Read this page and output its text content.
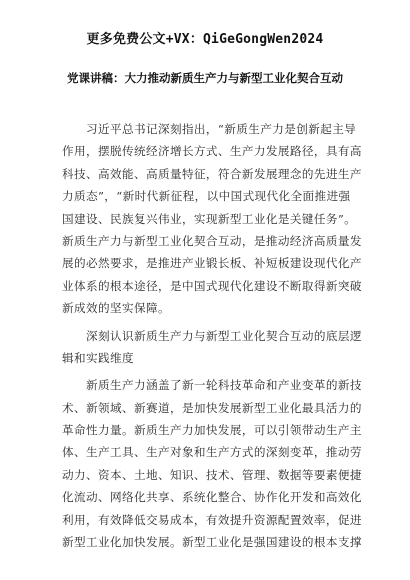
更多免费公文+VX：QiGeGongWen2024
党课讲稿：大力推动新质生产力与新型工业化契合互动
　　习近平总书记深刻指出，“新质生产力是创新起主导
作用，摆脱传统经济增长方式、生产力发展路径，具有高
科技、高效能、高质量特征，符合新发展理念的先进生产
力质态”，“新时代新征程，以中国式现代化全面推进强
国建设、民族复兴伟业，实现新型工业化是关键任务”。
新质生产力与新型工业化契合互动，是推动经济高质量发
展的必然要求，是推进产业锻长板、补短板建设现代化产
业体系的根本途径，是中国式现代化建设不断取得新突破
新成效的坚实保障。
　　深刻认识新质生产力与新型工业化契合互动的底层逻
辑和实践维度
　　新质生产力涵盖了新一轮科技革命和产业变革的新技
术、新领域、新赛道，是加快发展新型工业化最具活力的
革命性力量。新质生产力加快发展，可以引领带动生产主
体、生产工具、生产对象和生产方式的深刻变革，推动劳
动力、资本、土地、知识、技术、管理、数据等要素便捷
化流动、网络化共享、系统化整合、协作化开发和高效化
利用，有效降低交易成本，有效提升资源配置效率，促进
新型工业化加快发展。新型工业化是强国建设的根本支撑
